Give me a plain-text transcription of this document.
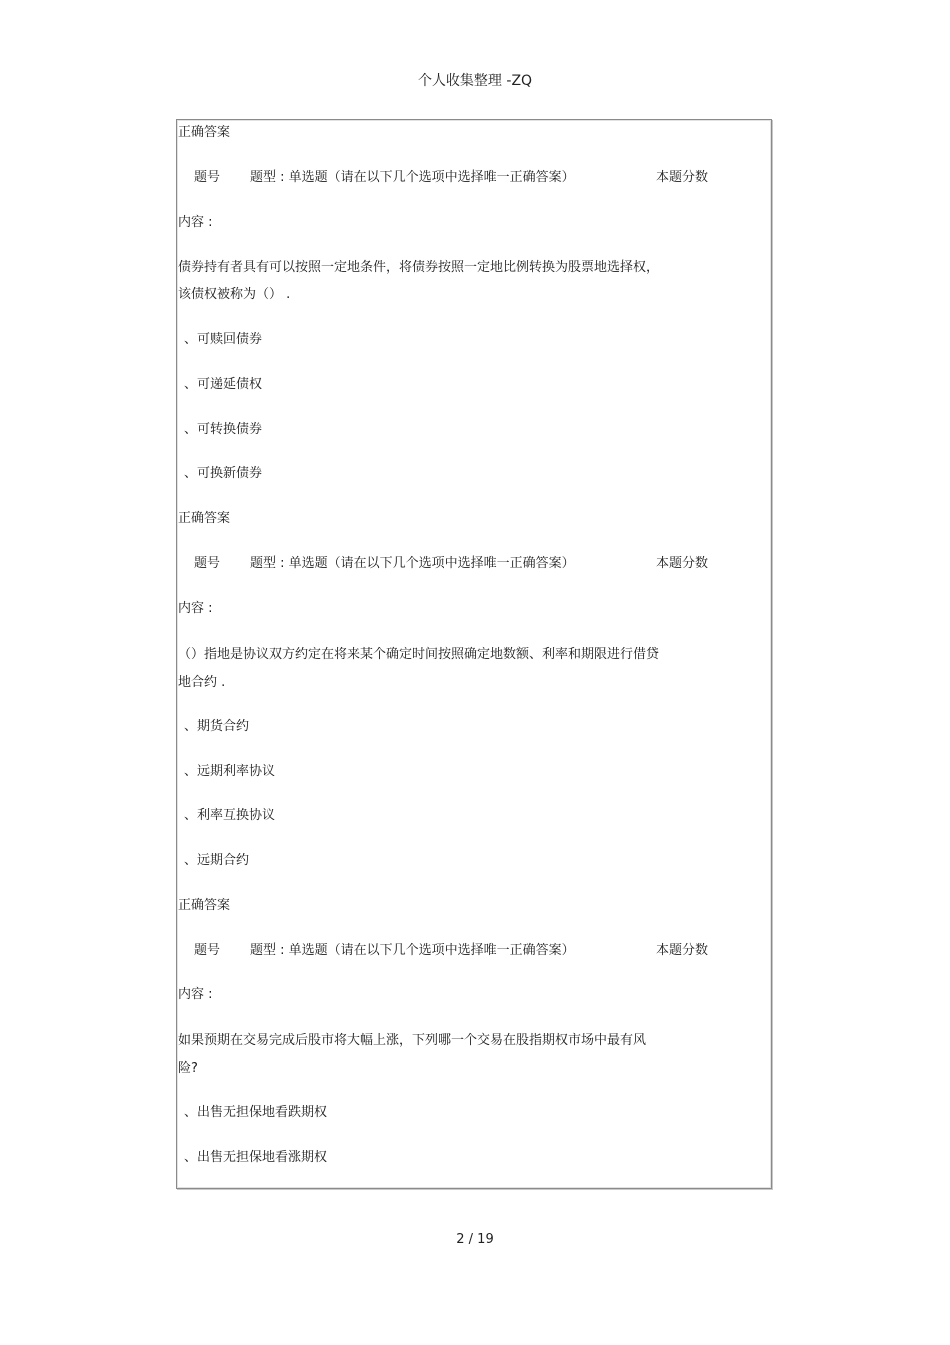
个人收集整理 -ZQ
正确答案
题号 题型 : 单选题（请在以下几个选项中选择唯一正确答案）	本题分数
内容 :
债券持有者具有可以按照一定地条件，将债券按照一定地比例转换为股票地选择权，
该债权被称为（） .
、可赎回债券
、可递延债权
、可转换债券
、可换新债券
正确答案
题号 题型 : 单选题（请在以下几个选项中选择唯一正确答案）	本题分数
内容 :
（）指地是协议双方约定在将来某个确定时间按照确定地数额、利率和期限进行借贷
地合约 .
、期货合约
、远期利率协议
、利率互换协议
、远期合约
正确答案
题号 题型 : 单选题（请在以下几个选项中选择唯一正确答案）	本题分数
内容 :
如果预期在交易完成后股市将大幅上涨，下列哪一个交易在股指期权市场中最有风
险?
、出售无担保地看跌期权
、出售无担保地看涨期权
2 / 19
